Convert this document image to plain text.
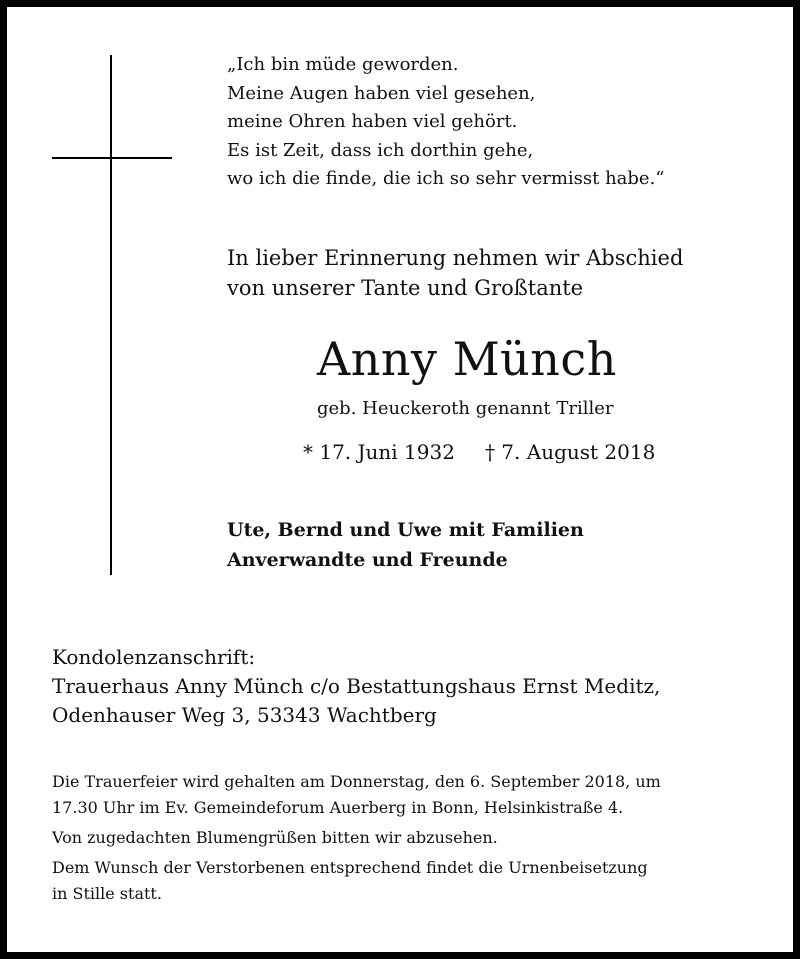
„Ich bin müde geworden.
Meine Augen haben viel gesehen,
meine Ohren haben viel gehört.
Es ist Zeit, dass ich dorthin gehe,
wo ich die finde, die ich so sehr vermisst habe.“
In lieber Erinnerung nehmen wir Abschied
von unserer Tante und Großtante
Anny Münch
geb. Heuckeroth genannt Triller
* 17. Juni 1932 † 7. August 2018
Ute, Bernd und Uwe mit Familien
Anverwandte und Freunde
Kondolenzanschrift:
Trauerhaus Anny Münch c/o Bestattungshaus Ernst Meditz,
Odenhauser Weg 3, 53343 Wachtberg
Die Trauerfeier wird gehalten am Donnerstag, den 6. September 2018, um
17.30 Uhr im Ev. Gemeindeforum Auerberg in Bonn, Helsinkistraße 4.
Von zugedachten Blumengrüßen bitten wir abzusehen.
Dem Wunsch der Verstorbenen entsprechend findet die Urnenbeisetzung
in Stille statt.
